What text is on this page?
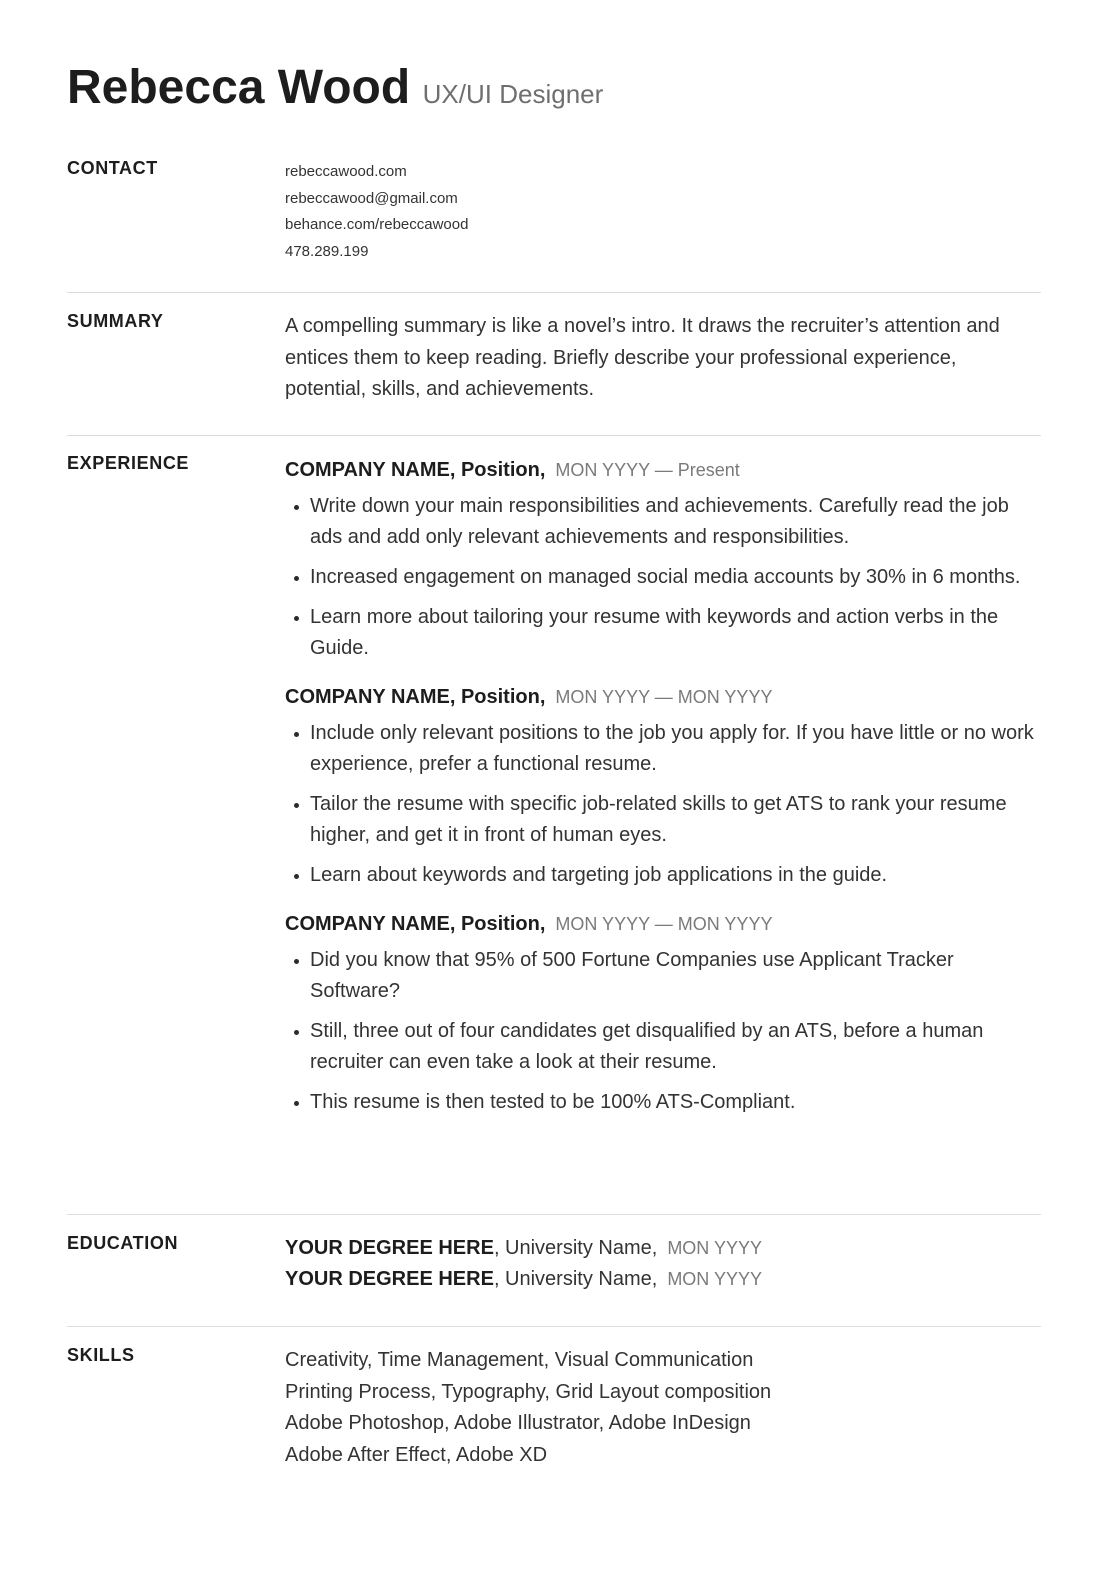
Rebecca Wood UX/UI Designer
CONTACT	rebeccawood.com
rebeccawood@gmail.com
behance.com/rebeccawood
478.289.199
SUMMARY	A compelling summary is like a novel’s intro. It draws the recruiter’s attention and entices them to keep reading. Briefly describe your professional experience, potential, skills, and achievements.

EXPERIENCE	COMPANY NAME, Position, MON YYYY — Present
Write down your main responsibilities and achievements. Carefully read the job ads and add only relevant achievements and responsibilities.
Increased engagement on managed social media accounts by 30% in 6 months.
Learn more about tailoring your resume with keywords and action verbs in the Guide.
COMPANY NAME, Position, MON YYYY — MON YYYY
Include only relevant positions to the job you apply for. If you have little or no work experience, prefer a functional resume.
Tailor the resume with specific job-related skills to get ATS to rank your resume higher, and get it in front of human eyes.
Learn about keywords and targeting job applications in the guide.
COMPANY NAME, Position, MON YYYY — MON YYYY
Did you know that 95% of 500 Fortune Companies use Applicant Tracker Software?
Still, three out of four candidates get disqualified by an ATS, before a human recruiter can even take a look at their resume.
This resume is then tested to be 100% ATS-Compliant.
EDUCATION	YOUR DEGREE HERE, University Name, MON YYYY
YOUR DEGREE HERE, University Name, MON YYYY
SKILLS	Creativity, Time Management, Visual Communication
Printing Process, Typography, Grid Layout composition
Adobe Photoshop, Adobe Illustrator, Adobe InDesign
Adobe After Effect, Adobe XD
